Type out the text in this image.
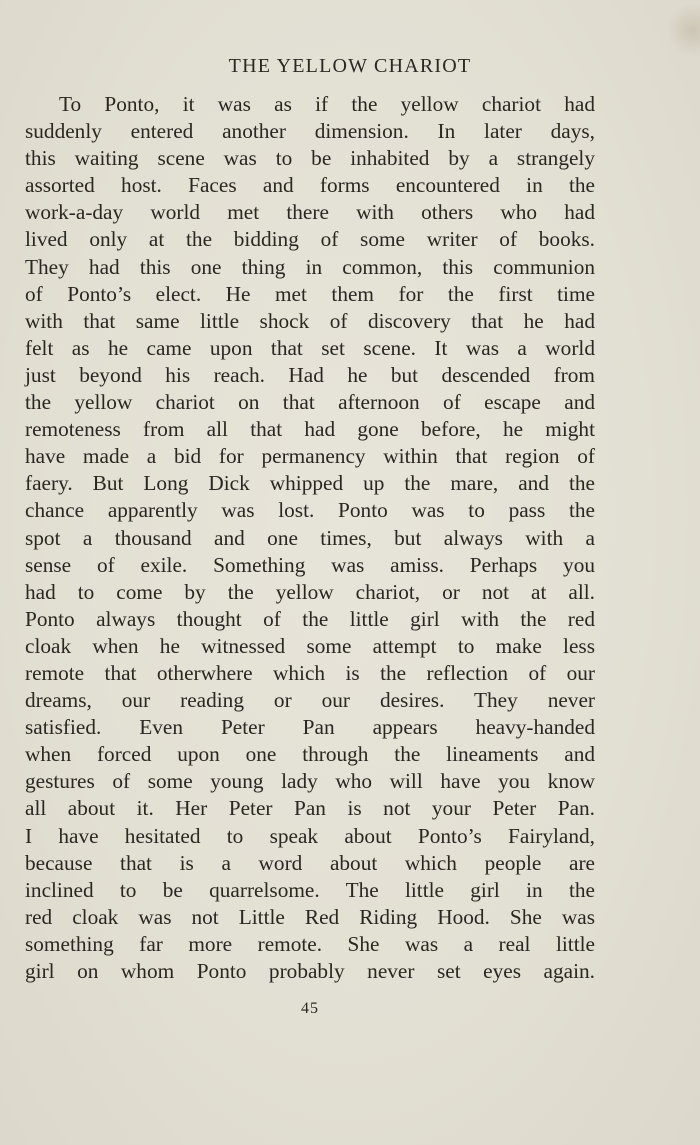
THE YELLOW CHARIOT
To Ponto, it was as if the yellow chariot had
suddenly entered another dimension. In later days,
this waiting scene was to be inhabited by a strangely
assorted host. Faces and forms encountered in the
work-a-day world met there with others who had
lived only at the bidding of some writer of books.
They had this one thing in common, this communion
of Ponto’s elect. He met them for the first time
with that same little shock of discovery that he had
felt as he came upon that set scene. It was a world
just beyond his reach. Had he but descended from
the yellow chariot on that afternoon of escape and
remoteness from all that had gone before, he might
have made a bid for permanency within that region of
faery. But Long Dick whipped up the mare, and the
chance apparently was lost. Ponto was to pass the
spot a thousand and one times, but always with a
sense of exile. Something was amiss. Perhaps you
had to come by the yellow chariot, or not at all.
Ponto always thought of the little girl with the red
cloak when he witnessed some attempt to make less
remote that otherwhere which is the reflection of our
dreams, our reading or our desires. They never
satisfied. Even Peter Pan appears heavy-handed
when forced upon one through the lineaments and
gestures of some young lady who will have you know
all about it. Her Peter Pan is not your Peter Pan.
I have hesitated to speak about Ponto’s Fairyland,
because that is a word about which people are
inclined to be quarrelsome. The little girl in the
red cloak was not Little Red Riding Hood. She was
something far more remote. She was a real little
girl on whom Ponto probably never set eyes again.
45
